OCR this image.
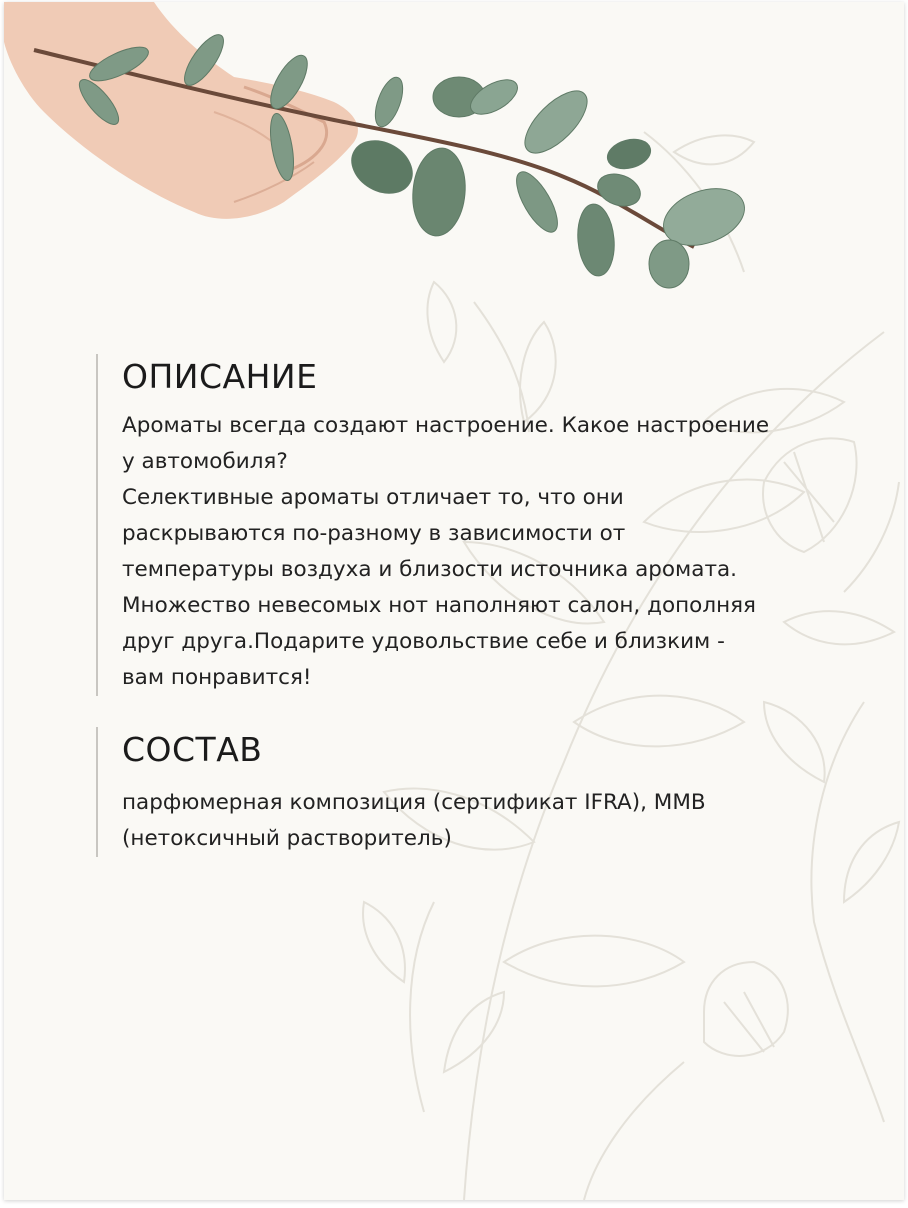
ОПИСАНИЕ

Ароматы всегда создают настроение. Какое настроение
у автомобиля?
Селективные ароматы отличает то, что они
раскрываются по-разному в зависимости от
температуры воздуха и близости источника аромата.
Множество невесомых нот наполняют салон, дополняя
друг друга.Подарите удовольствие себе и близким -
вам понравится!

СОСТАВ

парфюмерная композиция (сертификат IFRA), ММВ
(нетоксичный растворитель)
